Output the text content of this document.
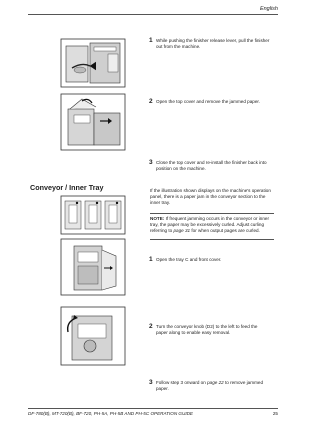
English
1 While pushing the finisher release lever, pull the finisher out from the machine.
2 Open the top cover and remove the jammed paper.
3 Close the top cover and re-install the finisher back into position on the machine.
Conveyor / Inner Tray	If the illustration shown displays on the machine's operation panel, there is a paper jam in the conveyor section to the inner tray.
NOTE: If frequent jamming occurs in the conveyor or inner tray, the paper may be excessively curled. Adjust curling referring to page 31 for when output pages are curled.
1 Open the tray C and front cover.
2 Turn the conveyor knob (D2) to the left to feed the paper along to enable easy removal.
3 Follow step 3 onward on page 22 to remove jammed paper.
DF-780(B), MT-720(B), BF-720, PH-5A, PH-5B AND PH-5C OPERATION GUIDE	25
